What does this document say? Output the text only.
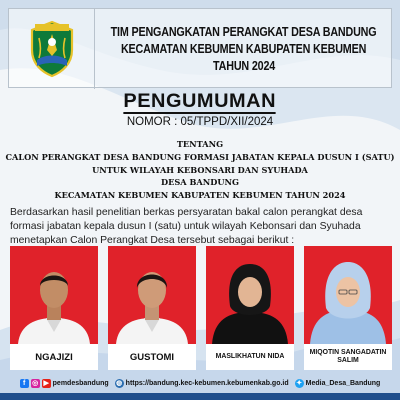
TIM PENGANGKATAN PERANGKAT DESA BANDUNG
KECAMATAN KEBUMEN KABUPATEN KEBUMEN
TAHUN 2024
PENGUMUMAN
NOMOR : 05/TPPD/XII/2024
TENTANG
CALON PERANGKAT DESA BANDUNG FORMASI JABATAN KEPALA DUSUN I (SATU)
UNTUK WILAYAH KEBONSARI DAN SYUHADA
DESA BANDUNG
KECAMATAN KEBUMEN KABUPATEN KEBUMEN TAHUN 2024
Berdasarkan hasil penelitian berkas persyaratan bakal calon perangkat desa formasi jabatan kepala dusun I (satu) untuk wilayah Kebonsari dan Syuhada menetapkan Calon Perangkat Desa tersebut sebagai berikut :
NGAJIZI	GUSTOMI	MASLIKHATUN NIDA
MIQOTIN SANGADATIN SALIM
f ◎ ▶ pemdesbandung ◍ https://bandung.kec-kebumen.kebumenkab.go.id ✦ Media_Desa_Bandung
